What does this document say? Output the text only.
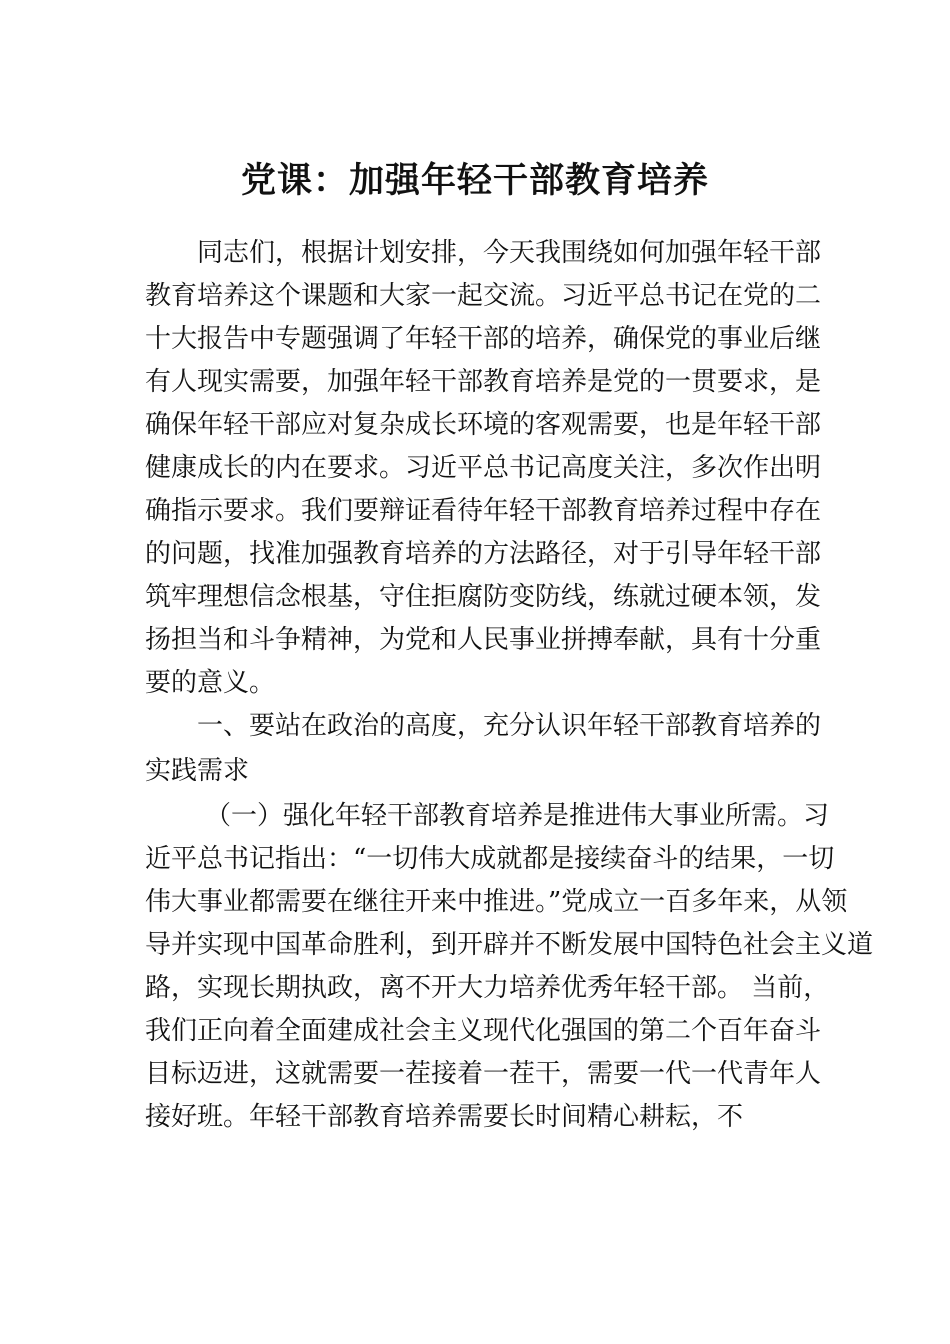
党课：加强年轻干部教育培养
同志们，根据计划安排，今天我围绕如何加强年轻干部
教育培养这个课题和大家一起交流。习近平总书记在党的二
十大报告中专题强调了年轻干部的培养，确保党的事业后继
有人现实需要，加强年轻干部教育培养是党的一贯要求，是
确保年轻干部应对复杂成长环境的客观需要，也是年轻干部
健康成长的内在要求。习近平总书记高度关注，多次作出明
确指示要求。我们要辩证看待年轻干部教育培养过程中存在
的问题，找准加强教育培养的方法路径，对于引导年轻干部
筑牢理想信念根基，守住拒腐防变防线，练就过硬本领，发
扬担当和斗争精神，为党和人民事业拼搏奉献，具有十分重
要的意义。
一、要站在政治的高度，充分认识年轻干部教育培养的
实践需求
（一）强化年轻干部教育培养是推进伟大事业所需。习
近平总书记指出：“一切伟大成就都是接续奋斗的结果，一切
伟大事业都需要在继往开来中推进。”党成立一百多年来，从领
导并实现中国革命胜利，到开辟并不断发展中国特色社会主义道
路，实现长期执政，离不开大力培养优秀年轻干部。 当前，
我们正向着全面建成社会主义现代化强国的第二个百年奋斗
目标迈进，这就需要一茬接着一茬干，需要一代一代青年人
接好班。年轻干部教育培养需要长时间精心耕耘，不
